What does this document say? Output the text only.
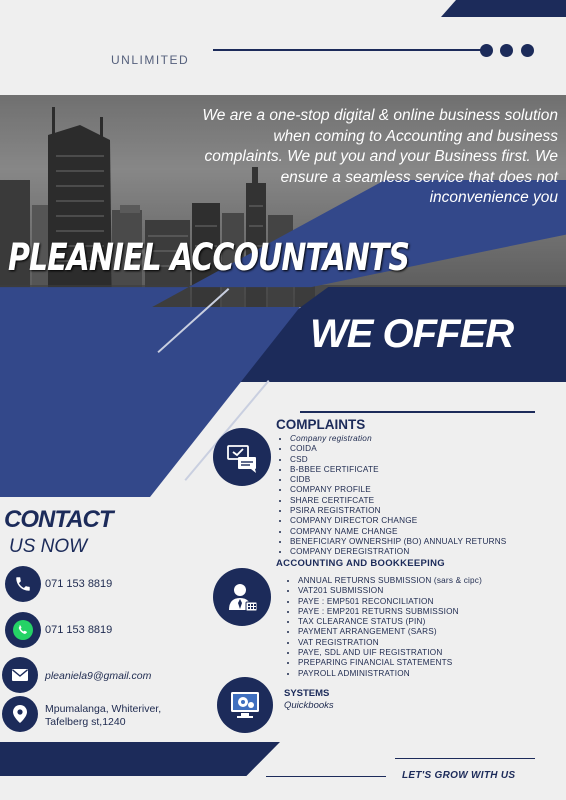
UNLIMITED
We are a one-stop digital & online business solution when coming to Accounting and business complaints. We put you and your Business first. We ensure a seamless service that does not inconvenience you
PLEANIEL ACCOUNTANTS
WE OFFER
COMPLAINTS
• Company registration
• COIDA
• CSD
• B-BBEE CERTIFICATE
• CIDB
• COMPANY PROFILE
• SHARE CERTIFCATE
• PSIRA REGISTRATION
• COMPANY DIRECTOR CHANGE
• COMPANY NAME CHANGE
• BENEFICIARY OWNERSHIP (BO) ANNUALY RETURNS
• COMPANY DEREGISTRATION
ACCOUNTING AND BOOKKEEPING
• ANNUAL RETURNS SUBMISSION (sars & cipc)
• VAT201 SUBMISSION
• PAYE : EMP501 RECONCILIATION
• PAYE : EMP201 RETURNS SUBMISSION
• TAX CLEARANCE STATUS (PIN)
• PAYMENT ARRANGEMENT (SARS)
• VAT REGISTRATION
• PAYE, SDL AND UIF REGISTRATION
• PREPARING FINANCIAL STATEMENTS
• PAYROLL ADMINISTRATION
SYSTEMS
Quickbooks
CONTACT
US NOW
071 153 8819
071 153 8819
pleaniela9@gmail.com
Mpumalanga, Whiteriver,
Tafelberg st,1240
LET'S GROW WITH US
